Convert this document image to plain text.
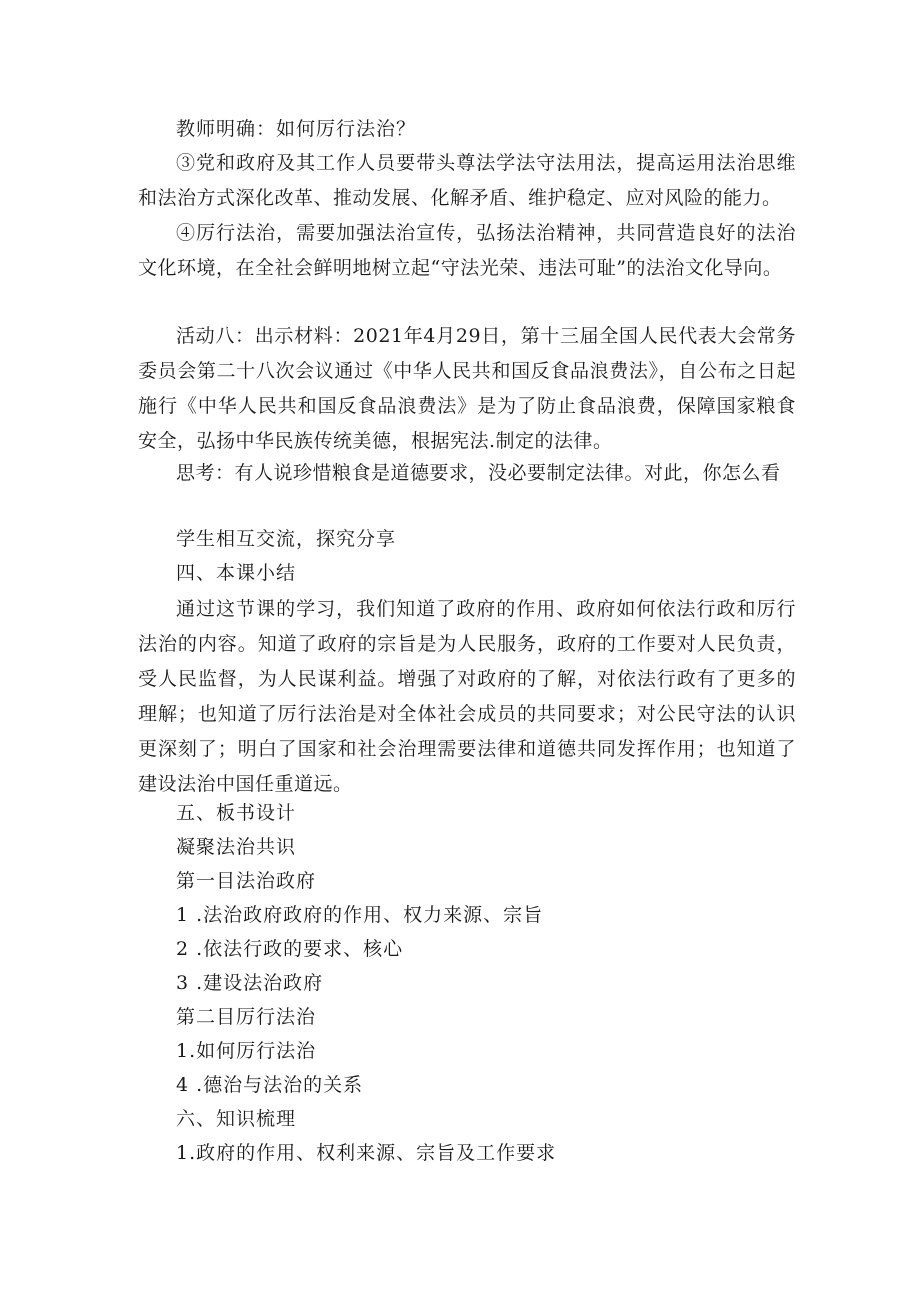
教师明确：如何厉行法治？

③党和政府及其工作人员要带头尊法学法守法用法，提高运用法治思维和法治方式深化改革、推动发展、化解矛盾、维护稳定、应对风险的能力。

④厉行法治，需要加强法治宣传，弘扬法治精神，共同营造良好的法治文化环境，在全社会鲜明地树立起“守法光荣、违法可耻”的法治文化导向。

活动八：出示材料：2021年4月29日，第十三届全国人民代表大会常务委员会第二十八次会议通过《中华人民共和国反食品浪费法》，自公布之日起施行《中华人民共和国反食品浪费法》是为了防止食品浪费，保障国家粮食安全，弘扬中华民族传统美德，根据宪法.制定的法律。

思考：有人说珍惜粮食是道德要求，没必要制定法律。对此，你怎么看

学生相互交流，探究分享

四、本课小结

通过这节课的学习，我们知道了政府的作用、政府如何依法行政和厉行法治的内容。知道了政府的宗旨是为人民服务，政府的工作要对人民负责，受人民监督，为人民谋利益。增强了对政府的了解，对依法行政有了更多的理解；也知道了厉行法治是对全体社会成员的共同要求；对公民守法的认识更深刻了；明白了国家和社会治理需要法律和道德共同发挥作用；也知道了建设法治中国任重道远。

五、板书设计

凝聚法治共识

第一目法治政府

1 .法治政府政府的作用、权力来源、宗旨

2 .依法行政的要求、核心

3 .建设法治政府

第二目厉行法治

1.如何厉行法治

4 .德治与法治的关系

六、知识梳理

1.政府的作用、权利来源、宗旨及工作要求
